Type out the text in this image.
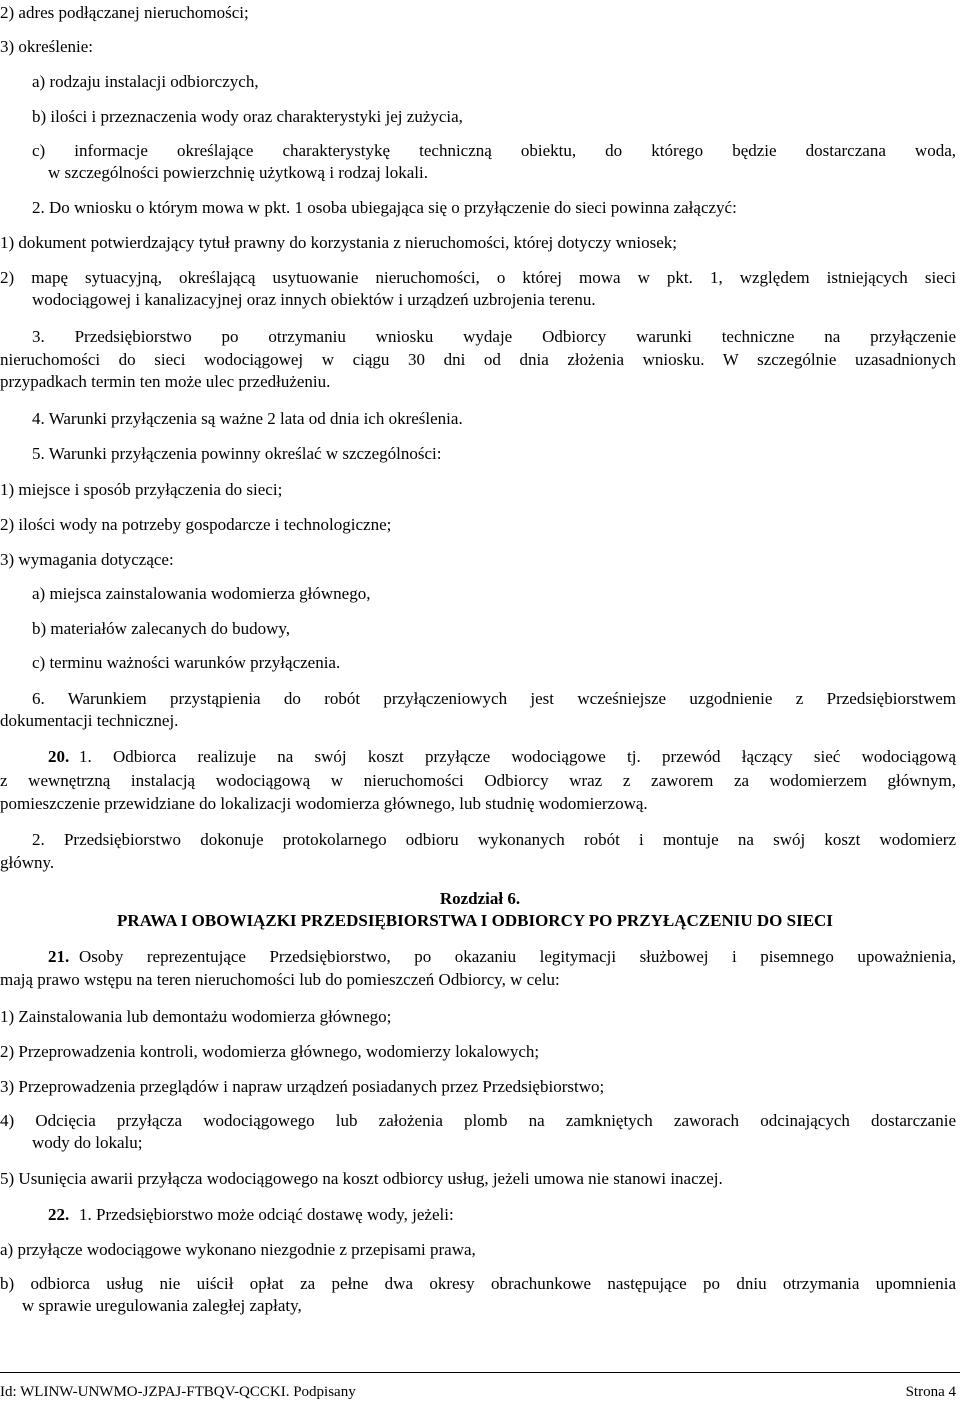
2) adres podłączanej nieruchomości;
3) określenie:
a) rodzaju instalacji odbiorczych,
b) ilości i przeznaczenia wody oraz charakterystyki jej zużycia,
c) informacje określające charakterystykę techniczną obiektu, do którego będzie dostarczana woda,
w szczególności powierzchnię użytkową i rodzaj lokali.
2. Do wniosku o którym mowa w pkt. 1 osoba ubiegająca się o przyłączenie do sieci powinna załączyć:
1) dokument potwierdzający tytuł prawny do korzystania z nieruchomości, której dotyczy wniosek;
2) mapę sytuacyjną, określającą usytuowanie nieruchomości, o której mowa w pkt. 1, względem istniejących sieci
wodociągowej i kanalizacyjnej oraz innych obiektów i urządzeń uzbrojenia terenu.
3. Przedsiębiorstwo po otrzymaniu wniosku wydaje Odbiorcy warunki techniczne na przyłączenie
nieruchomości do sieci wodociągowej w ciągu 30 dni od dnia złożenia wniosku. W szczególnie uzasadnionych
przypadkach termin ten może ulec przedłużeniu.
4. Warunki przyłączenia są ważne 2 lata od dnia ich określenia.
5. Warunki przyłączenia powinny określać w szczególności:
1) miejsce i sposób przyłączenia do sieci;
2) ilości wody na potrzeby gospodarcze i technologiczne;
3) wymagania dotyczące:
a) miejsca zainstalowania wodomierza głównego,
b) materiałów zalecanych do budowy,
c) terminu ważności warunków przyłączenia.
6. Warunkiem przystąpienia do robót przyłączeniowych jest wcześniejsze uzgodnienie z Przedsiębiorstwem
dokumentacji technicznej.
20. 1. Odbiorca realizuje na swój koszt przyłącze wodociągowe tj. przewód łączący sieć wodociągową
z wewnętrzną instalacją wodociągową w nieruchomości Odbiorcy wraz z zaworem za wodomierzem głównym,
pomieszczenie przewidziane do lokalizacji wodomierza głównego, lub studnię wodomierzową.
2. Przedsiębiorstwo dokonuje protokolarnego odbioru wykonanych robót i montuje na swój koszt wodomierz
główny.
Rozdział 6.
PRAWA I OBOWIĄZKI PRZEDSIĘBIORSTWA I ODBIORCY PO PRZYŁĄCZENIU DO SIECI
21. Osoby reprezentujące Przedsiębiorstwo, po okazaniu legitymacji służbowej i pisemnego upoważnienia,
mają prawo wstępu na teren nieruchomości lub do pomieszczeń Odbiorcy, w celu:
1) Zainstalowania lub demontażu wodomierza głównego;
2) Przeprowadzenia kontroli, wodomierza głównego, wodomierzy lokalowych;
3) Przeprowadzenia przeglądów i napraw urządzeń posiadanych przez Przedsiębiorstwo;
4) Odcięcia przyłącza wodociągowego lub założenia plomb na zamkniętych zaworach odcinających dostarczanie
wody do lokalu;
5) Usunięcia awarii przyłącza wodociągowego na koszt odbiorcy usług, jeżeli umowa nie stanowi inaczej.
22. 1. Przedsiębiorstwo może odciąć dostawę wody, jeżeli:
a) przyłącze wodociągowe wykonano niezgodnie z przepisami prawa,
b) odbiorca usług nie uiścił opłat za pełne dwa okresy obrachunkowe następujące po dniu otrzymania upomnienia
w sprawie uregulowania zaległej zapłaty,
Id: WLINW-UNWMO-JZPAJ-FTBQV-QCCKI. Podpisany	Strona 4
